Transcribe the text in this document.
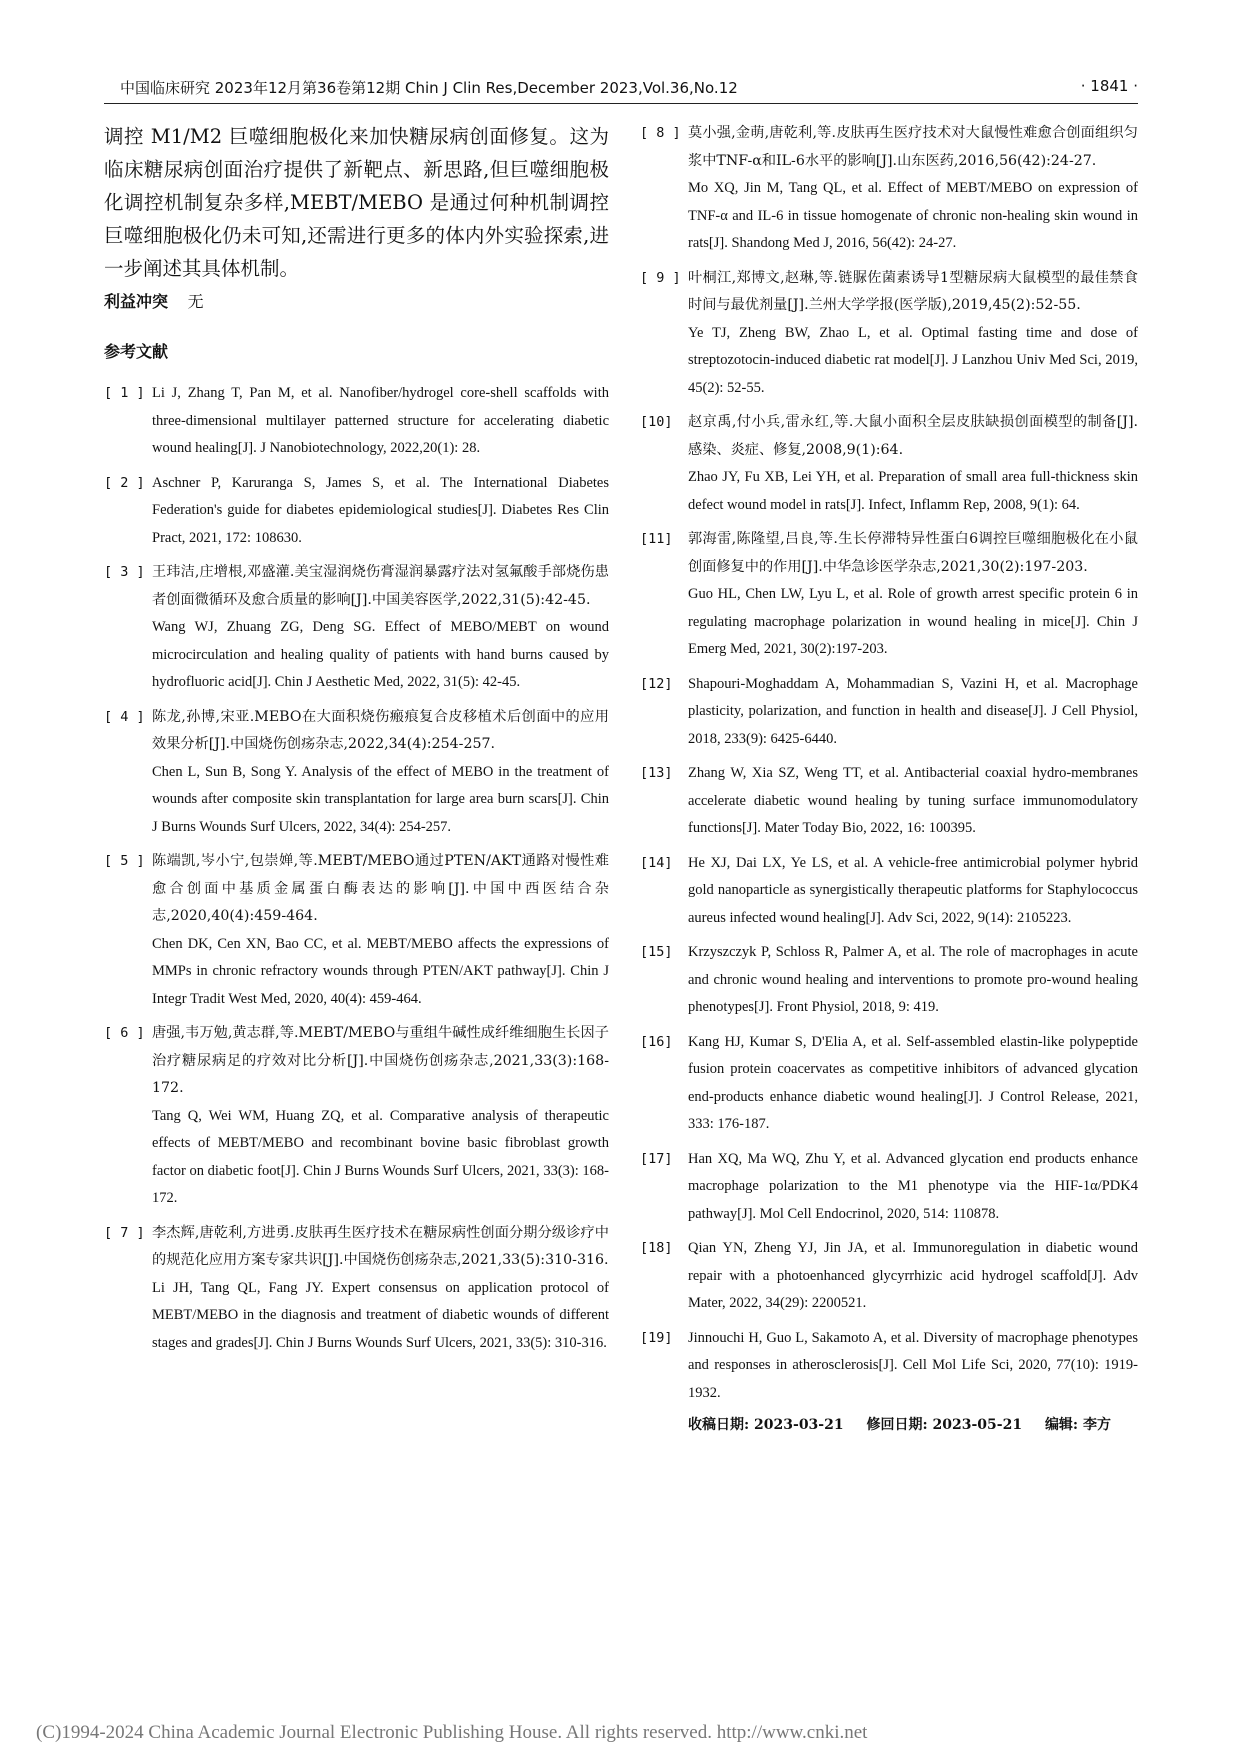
中国临床研究 2023年12月第36卷第12期 Chin J Clin Res,December 2023,Vol.36,No.12	· 1841 ·

调控 M1/M2 巨噬细胞极化来加快糖尿病创面修复。这为临床糖尿病创面治疗提供了新靶点、新思路,但巨噬细胞极化调控机制复杂多样,MEBT/MEBO 是通过何种机制调控巨噬细胞极化仍未可知,还需进行更多的体内外实验探索,进一步阐述其具体机制。

利益冲突 无
参考文献
[ 1 ] Li J, Zhang T, Pan M, et al. Nanofiber/hydrogel core-shell scaffolds with three-dimensional multilayer patterned structure for accelerating diabetic wound healing[J]. J Nanobiotechnology, 2022,20(1): 28.
[ 2 ] Aschner P, Karuranga S, James S, et al. The International Diabetes Federation's guide for diabetes epidemiological studies[J]. Diabetes Res Clin Pract, 2021, 172: 108630.
[ 3 ] 王玮洁,庄增根,邓盛灌.美宝湿润烧伤膏湿润暴露疗法对氢氟酸手部烧伤患者创面微循环及愈合质量的影响[J].中国美容医学,2022,31(5):42-45.
Wang WJ, Zhuang ZG, Deng SG. Effect of MEBO/MEBT on wound microcirculation and healing quality of patients with hand burns caused by hydrofluoric acid[J]. Chin J Aesthetic Med, 2022, 31(5): 42-45.
[ 4 ] 陈龙,孙博,宋亚.MEBO在大面积烧伤瘢痕复合皮移植术后创面中的应用效果分析[J].中国烧伤创疡杂志,2022,34(4):254-257.
Chen L, Sun B, Song Y. Analysis of the effect of MEBO in the treatment of wounds after composite skin transplantation for large area burn scars[J]. Chin J Burns Wounds Surf Ulcers, 2022, 34(4): 254-257.
[ 5 ] 陈端凯,岑小宁,包崇婵,等.MEBT/MEBO通过PTEN/AKT通路对慢性难愈合创面中基质金属蛋白酶表达的影响[J].中国中西医结合杂志,2020,40(4):459-464.
Chen DK, Cen XN, Bao CC, et al. MEBT/MEBO affects the expressions of MMPs in chronic refractory wounds through PTEN/AKT pathway[J]. Chin J Integr Tradit West Med, 2020, 40(4): 459-464.
[ 6 ] 唐强,韦万勉,黄志群,等.MEBT/MEBO与重组牛碱性成纤维细胞生长因子治疗糖尿病足的疗效对比分析[J].中国烧伤创疡杂志,2021,33(3):168-172.
Tang Q, Wei WM, Huang ZQ, et al. Comparative analysis of therapeutic effects of MEBT/MEBO and recombinant bovine basic fibroblast growth factor on diabetic foot[J]. Chin J Burns Wounds Surf Ulcers, 2021, 33(3): 168-172.
[ 7 ] 李杰辉,唐乾利,方进勇.皮肤再生医疗技术在糖尿病性创面分期分级诊疗中的规范化应用方案专家共识[J].中国烧伤创疡杂志,2021,33(5):310-316.
Li JH, Tang QL, Fang JY. Expert consensus on application protocol of MEBT/MEBO in the diagnosis and treatment of diabetic wounds of different stages and grades[J]. Chin J Burns Wounds Surf Ulcers, 2021, 33(5): 310-316.
[ 8 ] 莫小强,金萌,唐乾利,等.皮肤再生医疗技术对大鼠慢性难愈合创面组织匀浆中TNF-α和IL-6水平的影响[J].山东医药,2016,56(42):24-27.
Mo XQ, Jin M, Tang QL, et al. Effect of MEBT/MEBO on expression of TNF-α and IL-6 in tissue homogenate of chronic non-healing skin wound in rats[J]. Shandong Med J, 2016, 56(42): 24-27.
[ 9 ] 叶桐江,郑博文,赵琳,等.链脲佐菌素诱导1型糖尿病大鼠模型的最佳禁食时间与最优剂量[J].兰州大学学报(医学版),2019,45(2):52-55.
Ye TJ, Zheng BW, Zhao L, et al. Optimal fasting time and dose of streptozotocin-induced diabetic rat model[J]. J Lanzhou Univ Med Sci, 2019, 45(2): 52-55.
[10] 赵京禹,付小兵,雷永红,等.大鼠小面积全层皮肤缺损创面模型的制备[J].感染、炎症、修复,2008,9(1):64.
Zhao JY, Fu XB, Lei YH, et al. Preparation of small area full-thickness skin defect wound model in rats[J]. Infect, Inflamm Rep, 2008, 9(1): 64.
[11] 郭海雷,陈隆望,吕良,等.生长停滞特异性蛋白6调控巨噬细胞极化在小鼠创面修复中的作用[J].中华急诊医学杂志,2021,30(2):197-203.
Guo HL, Chen LW, Lyu L, et al. Role of growth arrest specific protein 6 in regulating macrophage polarization in wound healing in mice[J]. Chin J Emerg Med, 2021, 30(2):197-203.
[12] Shapouri-Moghaddam A, Mohammadian S, Vazini H, et al. Macrophage plasticity, polarization, and function in health and disease[J]. J Cell Physiol, 2018, 233(9): 6425-6440.
[13] Zhang W, Xia SZ, Weng TT, et al. Antibacterial coaxial hydro-membranes accelerate diabetic wound healing by tuning surface immunomodulatory functions[J]. Mater Today Bio, 2022, 16: 100395.
[14] He XJ, Dai LX, Ye LS, et al. A vehicle-free antimicrobial polymer hybrid gold nanoparticle as synergistically therapeutic platforms for Staphylococcus aureus infected wound healing[J]. Adv Sci, 2022, 9(14): 2105223.
[15] Krzyszczyk P, Schloss R, Palmer A, et al. The role of macrophages in acute and chronic wound healing and interventions to promote pro-wound healing phenotypes[J]. Front Physiol, 2018, 9: 419.
[16] Kang HJ, Kumar S, D'Elia A, et al. Self-assembled elastin-like polypeptide fusion protein coacervates as competitive inhibitors of advanced glycation end-products enhance diabetic wound healing[J]. J Control Release, 2021, 333: 176-187.
[17] Han XQ, Ma WQ, Zhu Y, et al. Advanced glycation end products enhance macrophage polarization to the M1 phenotype via the HIF-1α/PDK4 pathway[J]. Mol Cell Endocrinol, 2020, 514: 110878.
[18] Qian YN, Zheng YJ, Jin JA, et al. Immunoregulation in diabetic wound repair with a photoenhanced glycyrrhizic acid hydrogel scaffold[J]. Adv Mater, 2022, 34(29): 2200521.
[19] Jinnouchi H, Guo L, Sakamoto A, et al. Diversity of macrophage phenotypes and responses in atherosclerosis[J]. Cell Mol Life Sci, 2020, 77(10): 1919-1932.
收稿日期: 2023-03-21 修回日期: 2023-05-21 编辑: 李方
(C)1994-2024 China Academic Journal Electronic Publishing House. All rights reserved. http://www.cnki.net
